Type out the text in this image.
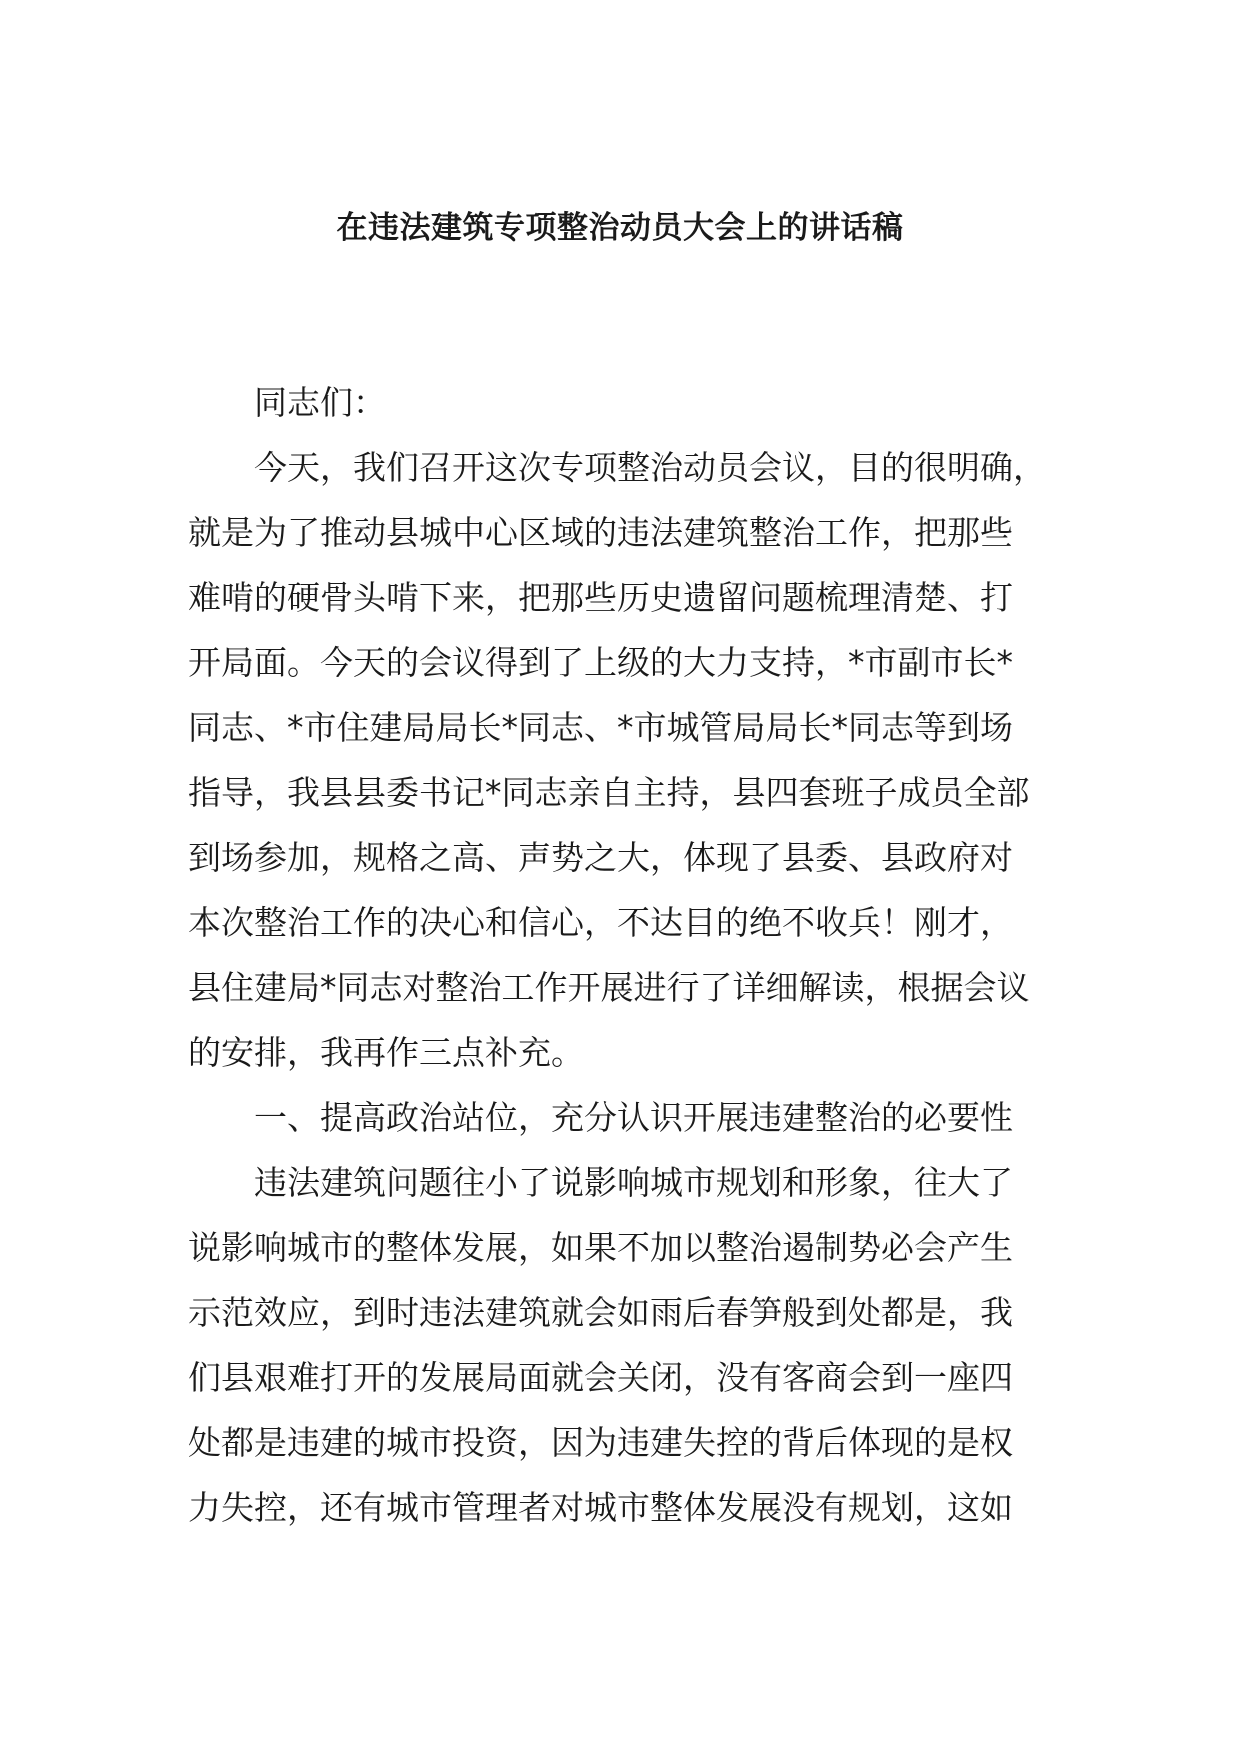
在违法建筑专项整治动员大会上的讲话稿
同志们：
今天，我们召开这次专项整治动员会议，目的很明确，
就是为了推动县城中心区域的违法建筑整治工作，把那些
难啃的硬骨头啃下来，把那些历史遗留问题梳理清楚、打
开局面。今天的会议得到了上级的大力支持，*市副市长*
同志、*市住建局局长*同志、*市城管局局长*同志等到场
指导，我县县委书记*同志亲自主持，县四套班子成员全部
到场参加，规格之高、声势之大，体现了县委、县政府对
本次整治工作的决心和信心，不达目的绝不收兵！刚才，
县住建局*同志对整治工作开展进行了详细解读，根据会议
的安排，我再作三点补充。
一、提高政治站位，充分认识开展违建整治的必要性
违法建筑问题往小了说影响城市规划和形象，往大了
说影响城市的整体发展，如果不加以整治遏制势必会产生
示范效应，到时违法建筑就会如雨后春笋般到处都是，我
们县艰难打开的发展局面就会关闭，没有客商会到一座四
处都是违建的城市投资，因为违建失控的背后体现的是权
力失控，还有城市管理者对城市整体发展没有规划，这如
